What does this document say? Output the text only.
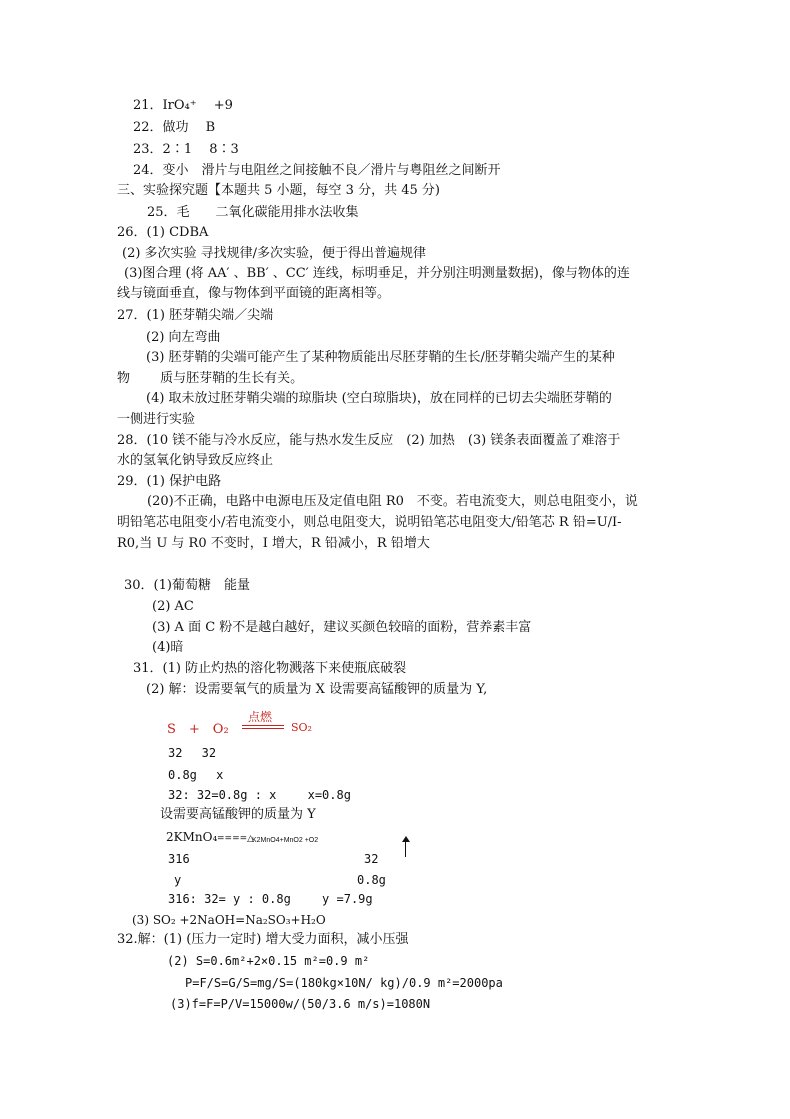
21．IrO₄⁺　 +9
22．做功　 B
23．2∶1　 8∶3
24．变小　滑片与电阻丝之间接触不良／滑片与粤阻丝之间断开
三、实验探究题【本题共 5 小题，每空 3 分，共 45 分)
25．毛　　二氧化碳能用排水法收集
26．(1) CDBA
(2) 多次实验 寻找规律/多次实验，便于得出普遍规律
(3)图合理 (将 AA′ 、BB′ 、CC′ 连线，标明垂足，并分别注明测量数据)，像与物体的连
线与镜面垂直，像与物体到平面镜的距离相等。
27．(1) 胚芽鞘尖端／尖端
(2) 向左弯曲
(3) 胚芽鞘的尖端可能产生了某种物质能出尽胚芽鞘的生长/胚芽鞘尖端产生的某种
物　　 质与胚芽鞘的生长有关。
(4) 取未放过胚芽鞘尖端的琼脂块 (空白琼脂块)，放在同样的已切去尖端胚芽鞘的
一侧进行实验
28．(10 镁不能与冷水反应，能与热水发生反应　(2) 加热　(3) 镁条表面覆盖了难溶于
水的氢氧化钠导致反应终止
29．(1) 保护电路
(20)不正确，电路中电源电压及定值电阻 R0　不变。若电流变大，则总电阻变小，说
明铅笔芯电阻变小/若电流变小，则总电阻变大，说明铅笔芯电阻变大/铅笔芯 R 铅=U/I-
R0,当 U 与 R0 不变时，I 增大，R 铅减小，R 铅增大
30．(1)葡萄糖　能量
(2) AC
(3) A 面 C 粉不是越白越好，建议买颜色较暗的面粉，营养素丰富
(4)暗
31．(1) 防止灼热的溶化物溅落下来使瓶底破裂
(2) 解：设需要氧气的质量为 X 设需要高锰酸钾的质量为 Y,
S　+　O₂
点燃
SO₂
32　 32
0.8g　 x
32: 32=0.8g : x　　 x=0.8g
设需要高锰酸钾的质量为 Y
2KMnO₄ ====△
K2MnO4+MnO2 +O2
316	32
y	0.8g
316: 32= y : 0.8g　　 y =7.9g
(3) SO₂ +2NaOH=Na₂SO₃+H₂O
32.解：(1) (压力一定时) 增大受力面积，减小压强
(2) S=0.6m²+2×0.15 m²=0.9 m²
P=F/S=G/S=mg/S=(180kg×10N/ kg)/0.9 m²=2000pa
(3)f=F=P/V=15000w/(50/3.6 m/s)=1080N
